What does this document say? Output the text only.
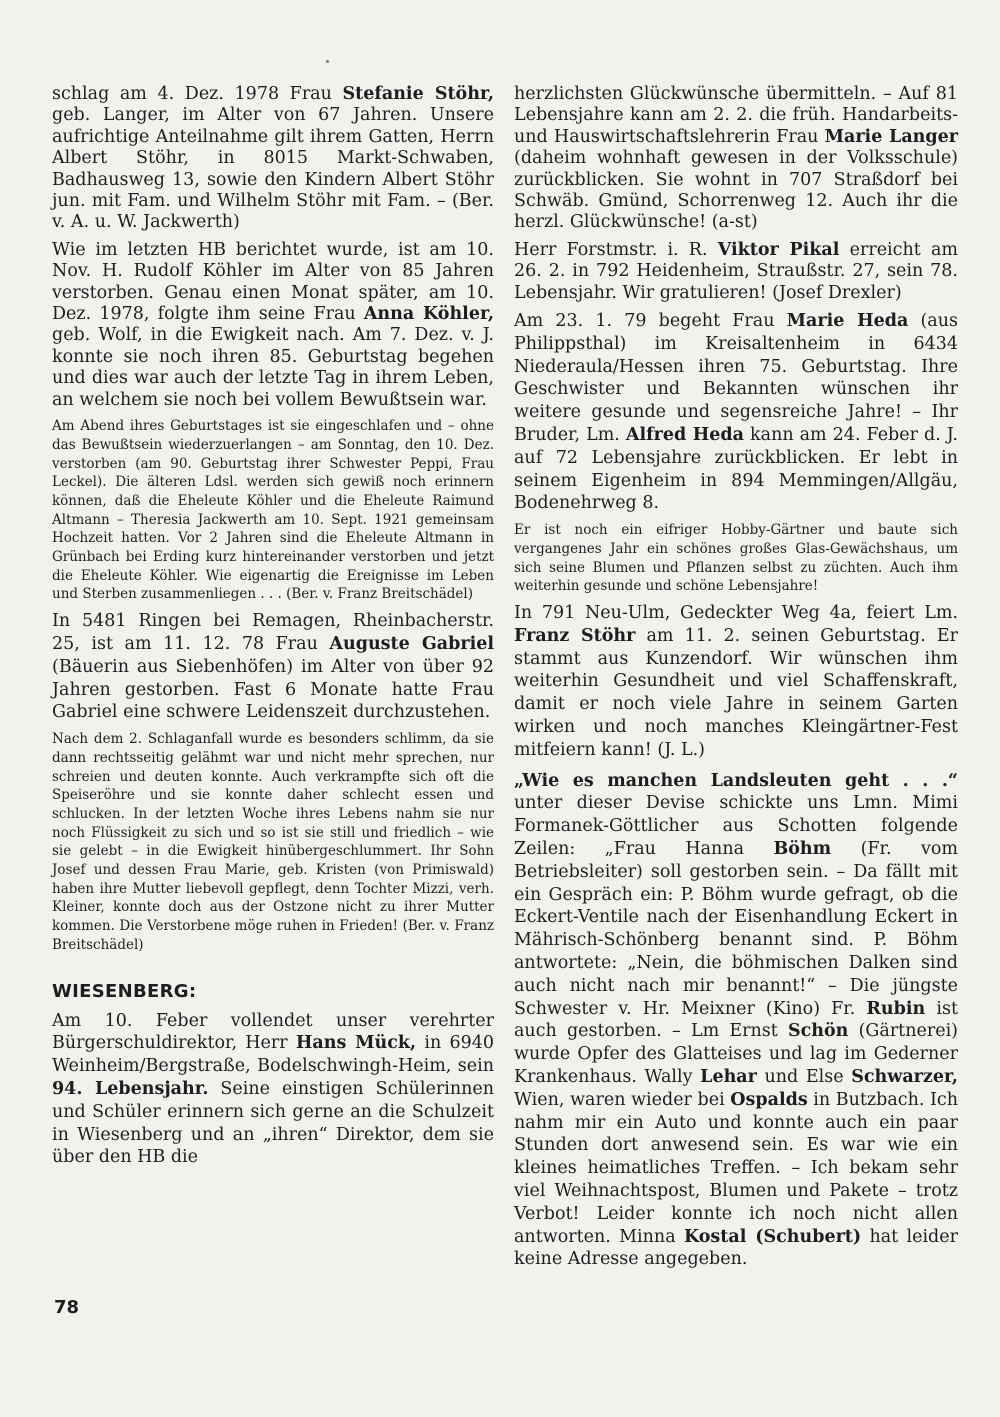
schlag am 4. Dez. 1978 Frau Stefanie Stöhr, geb. Langer, im Alter von 67 Jahren. Unsere aufrichtige Anteilnahme gilt ihrem Gatten, Herrn Albert Stöhr, in 8015 Markt-Schwaben, Badhausweg 13, sowie den Kindern Albert Stöhr jun. mit Fam. und Wilhelm Stöhr mit Fam. – (Ber. v. A. u. W. Jackwerth)

Wie im letzten HB berichtet wurde, ist am 10. Nov. H. Rudolf Köhler im Alter von 85 Jahren verstorben. Genau einen Monat später, am 10. Dez. 1978, folgte ihm seine Frau Anna Köhler, geb. Wolf, in die Ewigkeit nach. Am 7. Dez. v. J. konnte sie noch ihren 85. Geburtstag begehen und dies war auch der letzte Tag in ihrem Leben, an welchem sie noch bei vollem Bewußtsein war.

Am Abend ihres Geburtstages ist sie eingeschlafen und – ohne das Bewußtsein wiederzuerlangen – am Sonntag, den 10. Dez. verstorben (am 90. Geburtstag ihrer Schwester Peppi, Frau Leckel). Die älteren Ldsl. werden sich gewiß noch erinnern können, daß die Eheleute Köhler und die Eheleute Raimund Altmann – Theresia Jackwerth am 10. Sept. 1921 gemeinsam Hochzeit hatten. Vor 2 Jahren sind die Eheleute Altmann in Grünbach bei Erding kurz hintereinander verstorben und jetzt die Eheleute Köhler. Wie eigenartig die Ereignisse im Leben und Sterben zusammenliegen . . . (Ber. v. Franz Breitschädel)

In 5481 Ringen bei Remagen, Rheinbacherstr. 25, ist am 11. 12. 78 Frau Auguste Gabriel (Bäuerin aus Siebenhöfen) im Alter von über 92 Jahren gestorben. Fast 6 Monate hatte Frau Gabriel eine schwere Leidenszeit durchzustehen.

Nach dem 2. Schlaganfall wurde es besonders schlimm, da sie dann rechtsseitig gelähmt war und nicht mehr sprechen, nur schreien und deuten konnte. Auch verkrampfte sich oft die Speiseröhre und sie konnte daher schlecht essen und schlucken. In der letzten Woche ihres Lebens nahm sie nur noch Flüssigkeit zu sich und so ist sie still und friedlich – wie sie gelebt – in die Ewigkeit hinübergeschlummert. Ihr Sohn Josef und dessen Frau Marie, geb. Kristen (von Primiswald) haben ihre Mutter liebevoll gepflegt, denn Tochter Mizzi, verh. Kleiner, konnte doch aus der Ostzone nicht zu ihrer Mutter kommen. Die Verstorbene möge ruhen in Frieden! (Ber. v. Franz Breitschädel)

WIESENBERG:

Am 10. Feber vollendet unser verehrter Bürgerschuldirektor, Herr Hans Mück, in 6940 Weinheim/Bergstraße, Bodelschwingh-Heim, sein 94. Lebensjahr. Seine einstigen Schülerinnen und Schüler erinnern sich gerne an die Schulzeit in Wiesenberg und an „ihren“ Direktor, dem sie über den HB die

herzlichsten Glückwünsche übermitteln. – Auf 81 Lebensjahre kann am 2. 2. die früh. Handarbeits- und Hauswirtschaftslehrerin Frau Marie Langer (daheim wohnhaft gewesen in der Volksschule) zurückblicken. Sie wohnt in 707 Straßdorf bei Schwäb. Gmünd, Schorrenweg 12. Auch ihr die herzl. Glückwünsche! (a-st)

Herr Forstmstr. i. R. Viktor Pikal erreicht am 26. 2. in 792 Heidenheim, Straußstr. 27, sein 78. Lebensjahr. Wir gratulieren! (Josef Drexler)

Am 23. 1. 79 begeht Frau Marie Heda (aus Philippsthal) im Kreisaltenheim in 6434 Niederaula/Hessen ihren 75. Geburtstag. Ihre Geschwister und Bekannten wünschen ihr weitere gesunde und segensreiche Jahre! – Ihr Bruder, Lm. Alfred Heda kann am 24. Feber d. J. auf 72 Lebensjahre zurückblicken. Er lebt in seinem Eigenheim in 894 Memmingen/Allgäu, Bodenehrweg 8.

Er ist noch ein eifriger Hobby-Gärtner und baute sich vergangenes Jahr ein schönes großes Glas-Gewächshaus, um sich seine Blumen und Pflanzen selbst zu züchten. Auch ihm weiterhin gesunde und schöne Lebensjahre!

In 791 Neu-Ulm, Gedeckter Weg 4a, feiert Lm. Franz Stöhr am 11. 2. seinen Geburtstag. Er stammt aus Kunzendorf. Wir wünschen ihm weiterhin Gesundheit und viel Schaffenskraft, damit er noch viele Jahre in seinem Garten wirken und noch manches Kleingärtner-Fest mitfeiern kann! (J. L.)

„Wie es manchen Landsleuten geht . . .“ unter dieser Devise schickte uns Lmn. Mimi Formanek-Göttlicher aus Schotten folgende Zeilen: „Frau Hanna Böhm (Fr. vom Betriebsleiter) soll gestorben sein. – Da fällt mit ein Gespräch ein: P. Böhm wurde gefragt, ob die Eckert-Ventile nach der Eisenhandlung Eckert in Mährisch-Schönberg benannt sind. P. Böhm antwortete: „Nein, die böhmischen Dalken sind auch nicht nach mir benannt!“ – Die jüngste Schwester v. Hr. Meixner (Kino) Fr. Rubin ist auch gestorben. – Lm Ernst Schön (Gärtnerei) wurde Opfer des Glatteises und lag im Gederner Krankenhaus. Wally Lehar und Else Schwarzer, Wien, waren wieder bei Ospalds in Butzbach. Ich nahm mir ein Auto und konnte auch ein paar Stunden dort anwesend sein. Es war wie ein kleines heimatliches Treffen. – Ich bekam sehr viel Weihnachtspost, Blumen und Pakete – trotz Verbot! Leider konnte ich noch nicht allen antworten. Minna Kostal (Schubert) hat leider keine Adresse angegeben.

78
